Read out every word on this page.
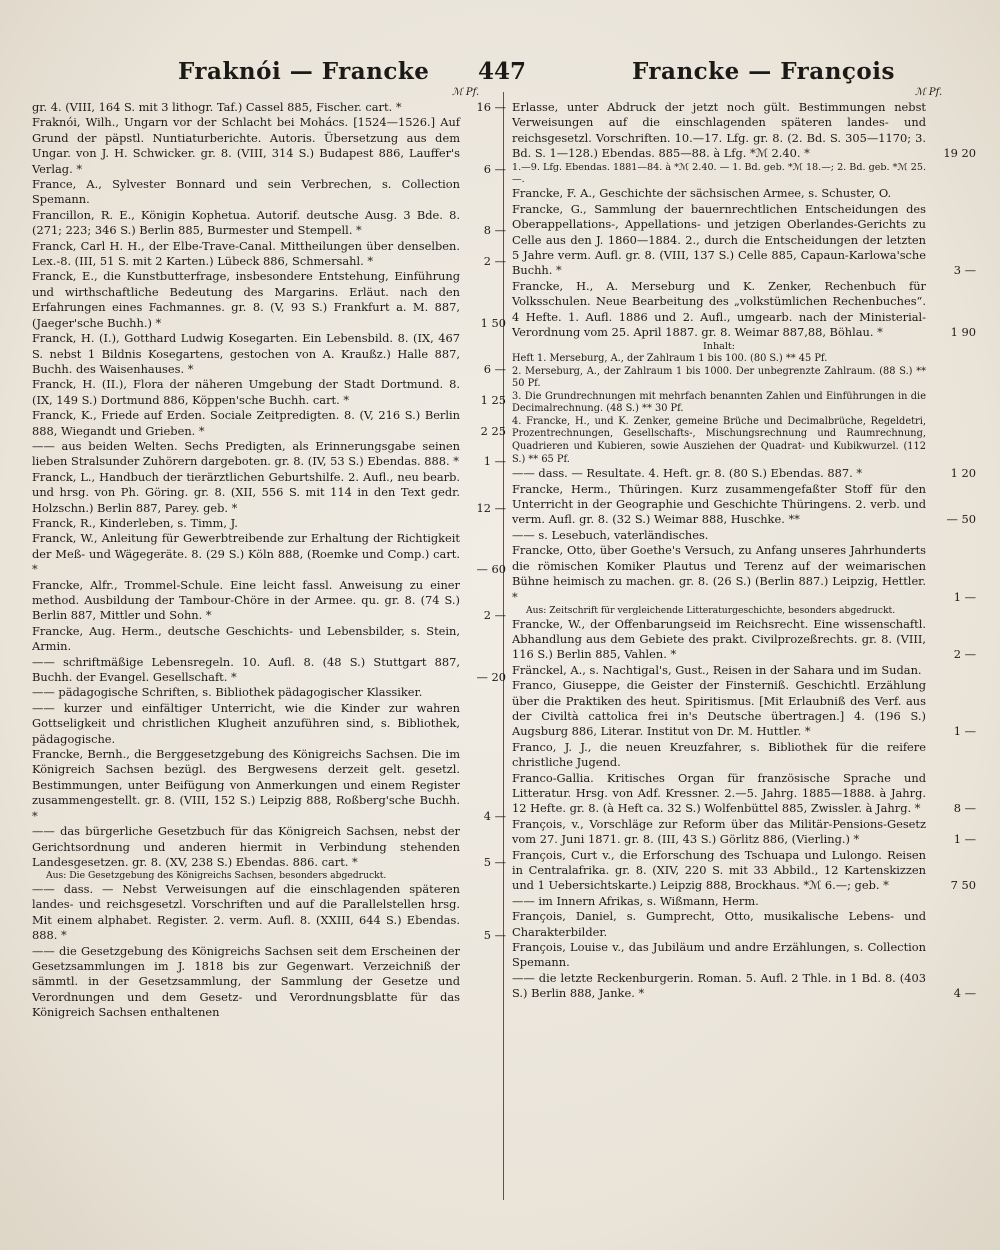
Fraknói — Francke 447	Francke — François
ℳ Pf.	ℳ Pf.
gr. 4. (VIII, 164 S. mit 3 lithogr. Taf.) Cassel 885, Fischer. cart. *	16 —
Fraknói, Wilh., Ungarn vor der Schlacht bei Mohács. [1524—1526.] Auf Grund der päpstl. Nuntiaturberichte. Autoris. Übersetzung aus dem Ungar. von J. H. Schwicker. gr. 8. (VIII, 314 S.) Budapest 886, Lauffer's Verlag. *	6 —
France, A., Sylvester Bonnard und sein Verbrechen, s. Collection Spemann.
Francillon, R. E., Königin Kophetua. Autorif. deutsche Ausg. 3 Bde. 8. (271; 223; 346 S.) Berlin 885, Burmester und Stempell. *	8 —
Franck, Carl H. H., der Elbe-Trave-Canal. Mittheilungen über denselben. Lex.-8. (III, 51 S. mit 2 Karten.) Lübeck 886, Schmersahl. *	2 —
Franck, E., die Kunstbutterfrage, insbesondere Entstehung, Einführung und wirthschaftliche Bedeutung des Margarins. Erläut. nach den Erfahrungen eines Fachmannes. gr. 8. (V, 93 S.) Frankfurt a. M. 887, (Jaeger'sche Buchh.) *	1 50
Franck, H. (I.), Gotthard Ludwig Kosegarten. Ein Lebensbild. 8. (IX, 467 S. nebst 1 Bildnis Kosegartens, gestochen von A. Kraußz.) Halle 887, Buchh. des Waisenhauses. *	6 —
Franck, H. (II.), Flora der näheren Umgebung der Stadt Dortmund. 8. (IX, 149 S.) Dortmund 886, Köppen'sche Buchh. cart. *	1 25
Franck, K., Friede auf Erden. Sociale Zeitpredigten. 8. (V, 216 S.) Berlin 888, Wiegandt und Grieben. *	2 25
—— aus beiden Welten. Sechs Predigten, als Erinnerungsgabe seinen lieben Stralsunder Zuhörern dargeboten. gr. 8. (IV, 53 S.) Ebendas. 888. * 1 —
Franck, L., Handbuch der tierärztlichen Geburtshilfe. 2. Aufl., neu bearb. und hrsg. von Ph. Göring. gr. 8. (XII, 556 S. mit 114 in den Text gedr. Holzschn.) Berlin 887, Parey. geb. *	12 —
Franck, R., Kinderleben, s. Timm, J.
Franck, W., Anleitung für Gewerbtreibende zur Erhaltung der Richtigkeit der Meß- und Wägegeräte. 8. (29 S.) Köln 888, (Roemke und Comp.) cart. *	— 60
Francke, Alfr., Trommel-Schule. Eine leicht fassl. Anweisung zu einer method. Ausbildung der Tambour-Chöre in der Armee. qu. gr. 8. (74 S.) Berlin 887, Mittler und Sohn. *	2 —
Francke, Aug. Herm., deutsche Geschichts- und Lebensbilder, s. Stein, Armin.
—— schriftmäßige Lebensregeln. 10. Aufl. 8. (48 S.) Stuttgart 887, Buchh. der Evangel. Gesellschaft. *	— 20
—— pädagogische Schriften, s. Bibliothek pädagogischer Klassiker.
—— kurzer und einfältiger Unterricht, wie die Kinder zur wahren Gottseligkeit und christlichen Klugheit anzuführen sind, s. Bibliothek, pädagogische.
Francke, Bernh., die Berggesetzgebung des Königreichs Sachsen. Die im Königreich Sachsen bezügl. des Bergwesens derzeit gelt. gesetzl. Bestimmungen, unter Beifügung von Anmerkungen und einem Register zusammengestellt. gr. 8. (VIII, 152 S.) Leipzig 888, Roßberg'sche Buchh. *	4 —
—— das bürgerliche Gesetzbuch für das Königreich Sachsen, nebst der Gerichtsordnung und anderen hiermit in Verbindung stehenden Landesgesetzen. gr. 8. (XV, 238 S.) Ebendas. 886. cart. *	5 —
Aus: Die Gesetzgebung des Königreichs Sachsen, besonders abgedruckt.
—— dass. — Nebst Verweisungen auf die einschlagenden späteren landes- und reichsgesetzl. Vorschriften und auf die Parallelstellen hrsg. Mit einem alphabet. Register. 2. verm. Aufl. 8. (XXIII, 644 S.) Ebendas. 888. *	5 —
—— die Gesetzgebung des Königreichs Sachsen seit dem Erscheinen der Gesetzsammlungen im J. 1818 bis zur Gegenwart. Verzeichniß der sämmtl. in der Gesetzsammlung, der Sammlung der Gesetze und Verordnungen und dem Gesetz- und Verordnungsblatte für das Königreich Sachsen enthaltenen
Erlasse, unter Abdruck der jetzt noch gült. Bestimmungen nebst Verweisungen auf die einschlagenden späteren landes- und reichsgesetzl. Vorschriften. 10.—17. Lfg. gr. 8. (2. Bd. S. 305—1170; 3. Bd. S. 1—128.) Ebendas. 885—88. à Lfg. *ℳ 2.40. *	19 20
1.—9. Lfg. Ebendas. 1881—84. à *ℳ 2.40. — 1. Bd. geb. *ℳ 18.—; 2. Bd. geb. *ℳ 25.—.
Francke, F. A., Geschichte der sächsischen Armee, s. Schuster, O.
Francke, G., Sammlung der bauernrechtlichen Entscheidungen des Oberappellations-, Appellations- und jetzigen Oberlandes-Gerichts zu Celle aus den J. 1860—1884. 2., durch die Entscheidungen der letzten 5 Jahre verm. Aufl. gr. 8. (VIII, 137 S.) Celle 885, Capaun-Karlowa'sche Buchh. *	3 —
Francke, H., A. Merseburg und K. Zenker, Rechenbuch für Volksschulen. Neue Bearbeitung des „volkstümlichen Rechenbuches“. 4 Hefte. 1. Aufl. 1886 und 2. Aufl., umgearb. nach der Ministerial-Verordnung vom 25. April 1887. gr. 8. Weimar 887,88, Böhlau. *	1 90
Inhalt:
Heft 1. Merseburg, A., der Zahlraum 1 bis 100. (80 S.) ** 45 Pf.
2. Merseburg, A., der Zahlraum 1 bis 1000. Der unbegrenzte Zahlraum. (88 S.) ** 50 Pf.
3. Die Grundrechnungen mit mehrfach benannten Zahlen und Einführungen in die Decimalrechnung. (48 S.) ** 30 Pf.
4. Francke, H., und K. Zenker, gemeine Brüche und Decimalbrüche, Regeldetri, Prozentrechnungen, Gesellschafts-, Mischungsrechnung und Raumrechnung, Quadrieren und Kubieren, sowie Ausziehen der Quadrat- und Kubikwurzel. (112 S.) ** 65 Pf.
—— dass. — Resultate. 4. Heft. gr. 8. (80 S.) Ebendas. 887. *	1 20
Francke, Herm., Thüringen. Kurz zusammengefaßter Stoff für den Unterricht in der Geographie und Geschichte Thüringens. 2. verb. und verm. Aufl. gr. 8. (32 S.) Weimar 888, Huschke. **	— 50
—— s. Lesebuch, vaterländisches.
Francke, Otto, über Goethe's Versuch, zu Anfang unseres Jahrhunderts die römischen Komiker Plautus und Terenz auf der weimarischen Bühne heimisch zu machen. gr. 8. (26 S.) (Berlin 887.) Leipzig, Hettler. *	1 —
Aus: Zeitschrift für vergleichende Litteraturgeschichte, besonders abgedruckt.
Francke, W., der Offenbarungseid im Reichsrecht. Eine wissenschaftl. Abhandlung aus dem Gebiete des prakt. Civilprozeßrechts. gr. 8. (VIII, 116 S.) Berlin 885, Vahlen. *	2 —
Fränckel, A., s. Nachtigal's, Gust., Reisen in der Sahara und im Sudan.
Franco, Giuseppe, die Geister der Finsterniß. Geschichtl. Erzählung über die Praktiken des heut. Spiritismus. [Mit Erlaubniß des Verf. aus der Civiltà cattolica frei in's Deutsche übertragen.] 4. (196 S.) Augsburg 886, Literar. Institut von Dr. M. Huttler. *	1 —
Franco, J. J., die neuen Kreuzfahrer, s. Bibliothek für die reifere christliche Jugend.
Franco-Gallia. Kritisches Organ für französische Sprache und Litteratur. Hrsg. von Adf. Kressner. 2.—5. Jahrg. 1885—1888. à Jahrg. 12 Hefte. gr. 8. (à Heft ca. 32 S.) Wolfenbüttel 885, Zwissler. à Jahrg. *	8 —
François, v., Vorschläge zur Reform über das Militär-Pensions-Gesetz vom 27. Juni 1871. gr. 8. (III, 43 S.) Görlitz 886, (Vierling.) *	1 —
François, Curt v., die Erforschung des Tschuapa und Lulongo. Reisen in Centralafrika. gr. 8. (XIV, 220 S. mit 33 Abbild., 12 Kartenskizzen und 1 Uebersichtskarte.) Leipzig 888, Brockhaus. *ℳ 6.—; geb. *	7 50
—— im Innern Afrikas, s. Wißmann, Herm.
François, Daniel, s. Gumprecht, Otto, musikalische Lebens- und Charakterbilder.
François, Louise v., das Jubiläum und andre Erzählungen, s. Collection Spemann.
—— die letzte Reckenburgerin. Roman. 5. Aufl. 2 Thle. in 1 Bd. 8. (403 S.) Berlin 888, Janke. *	4 —
